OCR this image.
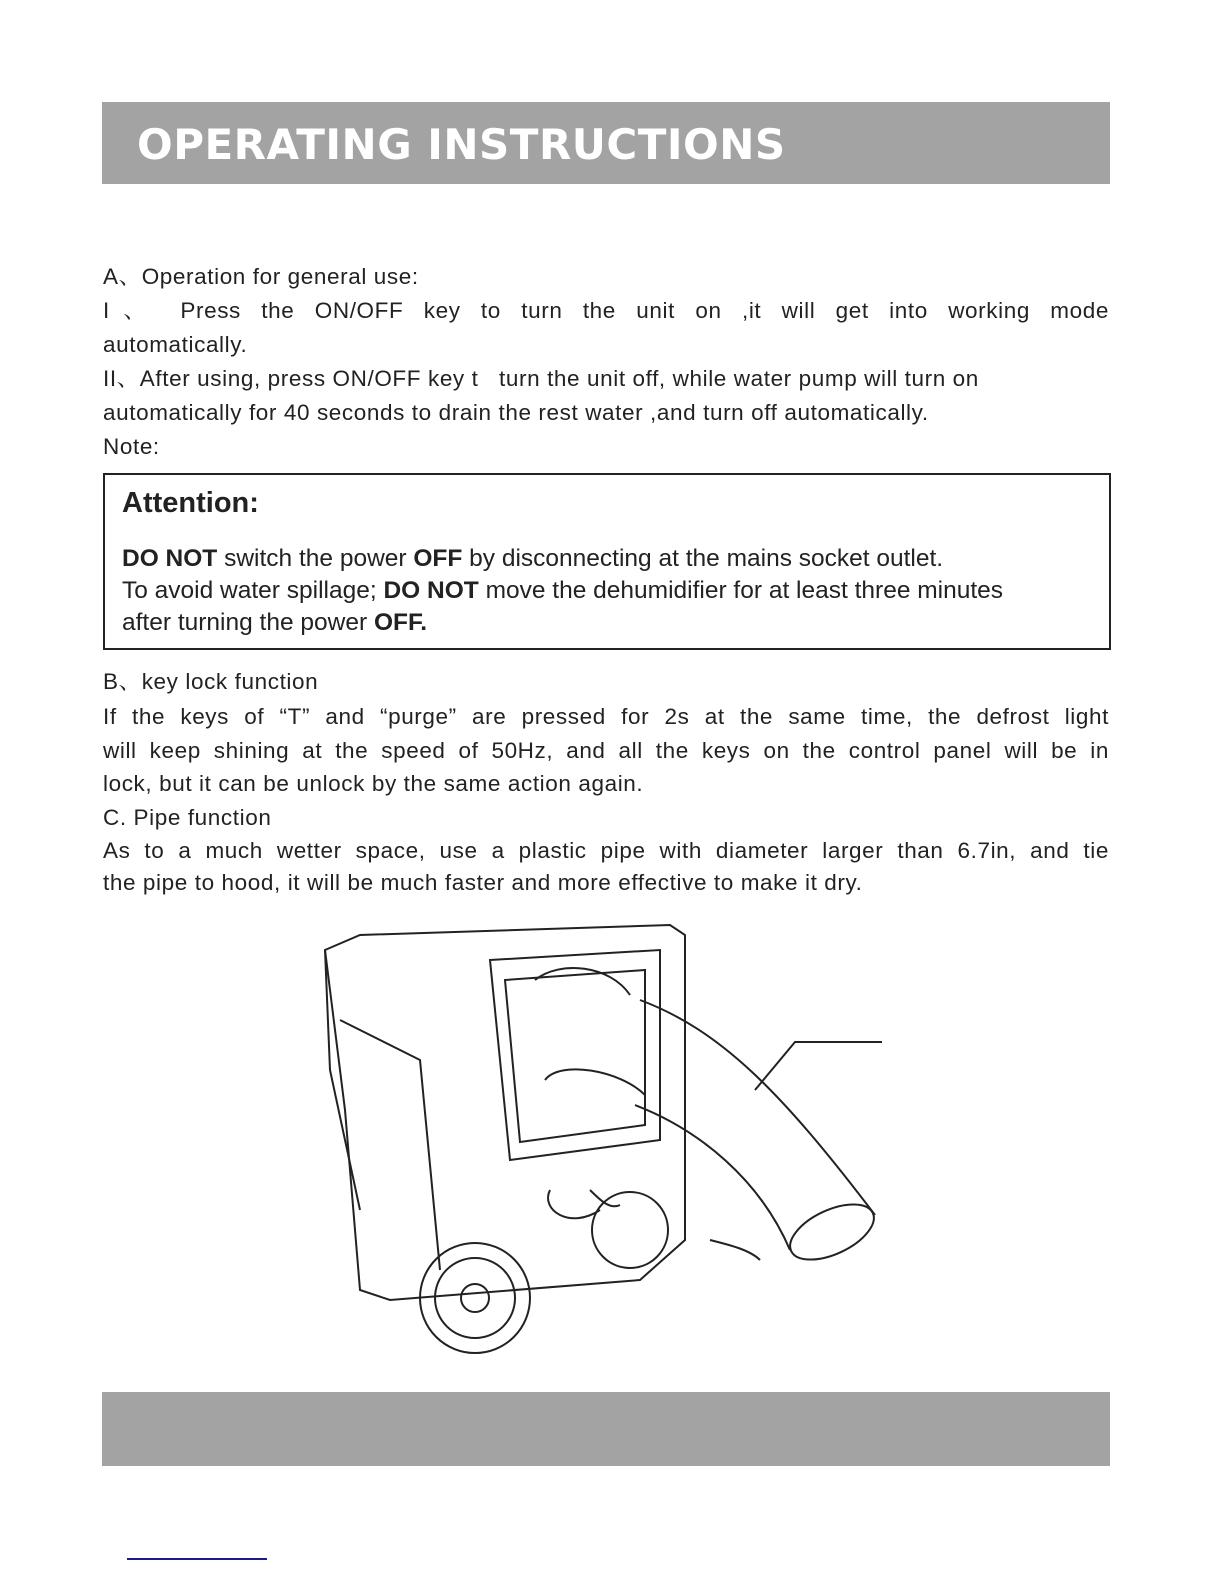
OPERATING INSTRUCTIONS
A、Operation for general use:
I、 Press the ON/OFF key to turn the unit on ,it will get into working mode
automatically.
II、After using, press ON/OFF key t   turn the unit off, while water pump will turn on
automatically for 40 seconds to drain the rest water ,and turn off automatically.
Note:
Attention:
DO NOT switch the power OFF by disconnecting at the mains socket outlet.
To avoid water spillage; DO NOT move the dehumidifier for at least three minutes
after turning the power OFF.
B、key lock function
If the keys of “T” and “purge” are pressed for 2s at the same time, the defrost light
will keep shining at the speed of 50Hz, and all the keys on the control panel will be in
lock, but it can be unlock by the same action again.
C. Pipe function
As to a much wetter space, use a plastic pipe with diameter larger than 6.7in, and tie
the pipe to hood, it will be much faster and more effective to make it dry.
